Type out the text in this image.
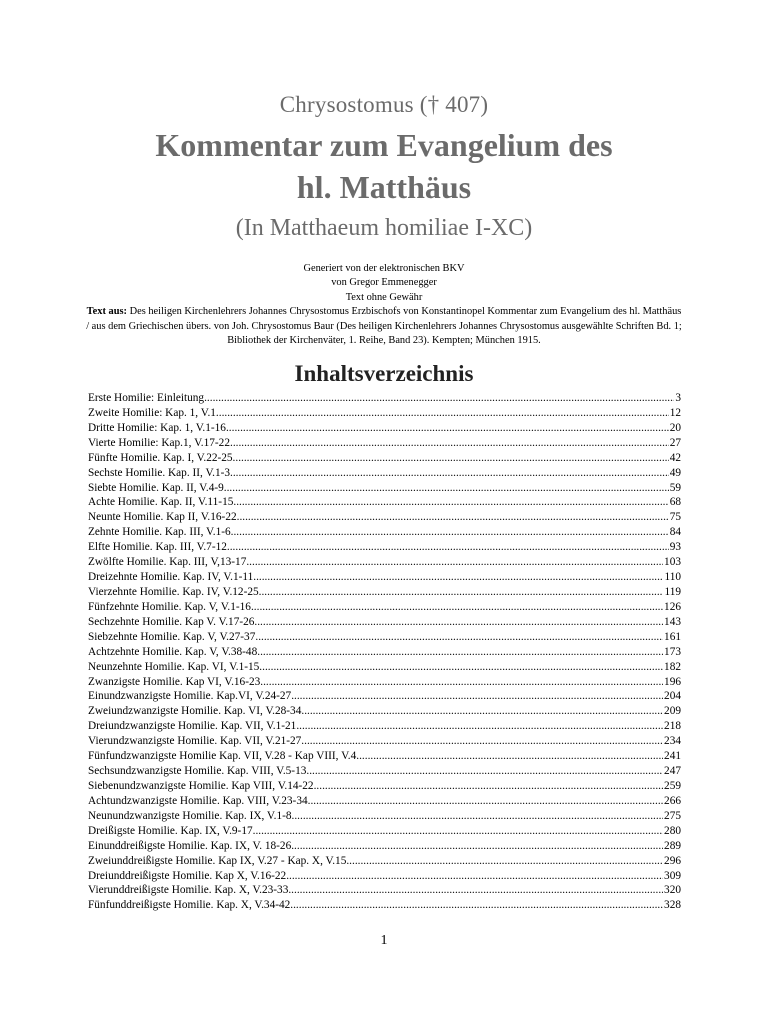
Chrysostomus († 407)
Kommentar zum Evangelium des
hl. Matthäus
(In Matthaeum homiliae I-XC)
Generiert von der elektronischen BKV
von Gregor Emmenegger
Text ohne Gewähr
Text aus: Des heiligen Kirchenlehrers Johannes Chrysostomus Erzbischofs von Konstantinopel Kommentar zum Evangelium des hl. Matthäus / aus dem Griechischen übers. von Joh. Chrysostomus Baur (Des heiligen Kirchenlehrers Johannes Chrysostomus ausgewählte Schriften Bd. 1; Bibliothek der Kirchenväter, 1. Reihe, Band 23). Kempten; München 1915.
Inhaltsverzeichnis
Erste Homilie: Einleitung .....	3
Zweite Homilie: Kap. 1, V.1 .....	12
Dritte Homilie: Kap. 1, V.1-16 .....	20
Vierte Homilie: Kap.1, V.17-22. .....	27
Fünfte Homilie. Kap. I, V.22-25. .....	42
Sechste Homilie. Kap. II, V.1-3. .....	49
Siebte Homilie. Kap. II, V.4-9. .....	59
Achte Homilie. Kap. II, V.11-15. .....	68
Neunte Homilie. Kap II, V.16-22. .....	75
Zehnte Homilie. Kap. III, V.1-6. .....	84
Elfte Homilie. Kap. III, V.7-12. .....	93
Zwölfte Homilie. Kap. III, V,13-17. .....	103
Dreizehnte Homilie. Kap. IV, V.1-11. .....	110
Vierzehnte Homilie. Kap. IV, V.12-25. .....	119
Fünfzehnte Homilie. Kap. V, V.1-16. .....	126
Sechzehnte Homilie. Kap V. V.17-26. .....	143
Siebzehnte Homilie. Kap. V, V.27-37. .....	161
Achtzehnte Homilie. Kap. V, V.38-48. .....	173
Neunzehnte Homilie. Kap. VI, V.1-15. .....	182
Zwanzigste Homilie. Kap VI, V.16-23. .....	196
Einundzwanzigste Homilie. Kap.VI, V.24-27. .....	204
Zweiundzwanzigste Homilie. Kap. VI, V.28-34. .....	209
Dreiundzwanzigste Homilie. Kap. VII, V.1-21 .....	218
Vierundzwanzigste Homilie. Kap. VII, V.21-27. .....	234
Fünfundzwanzigste Homilie Kap. VII, V.28 - Kap VIII, V.4. .....	241
Sechsundzwanzigste Homilie. Kap. VIII, V.5-13. .....	247
Siebenundzwanzigste Homilie. Kap VIII, V.14-22. .....	259
Achtundzwanzigste Homilie. Kap. VIII, V.23-34. .....	266
Neunundzwanzigste Homilie. Kap. IX, V.1-8. .....	275
Dreißigste Homilie. Kap. IX, V.9-17. .....	280
Einunddreißigste Homilie. Kap. IX, V. 18-26. .....	289
Zweiunddreißigste Homilie. Kap IX, V.27 - Kap. X, V.15. .....	296
Dreiunddreißigste Homilie. Kap X, V.16-22. .....	309
Vierunddreißigste Homilie. Kap. X, V.23-33. .....	320
Fünfunddreißigste Homilie. Kap. X, V.34-42. .....	328
1
